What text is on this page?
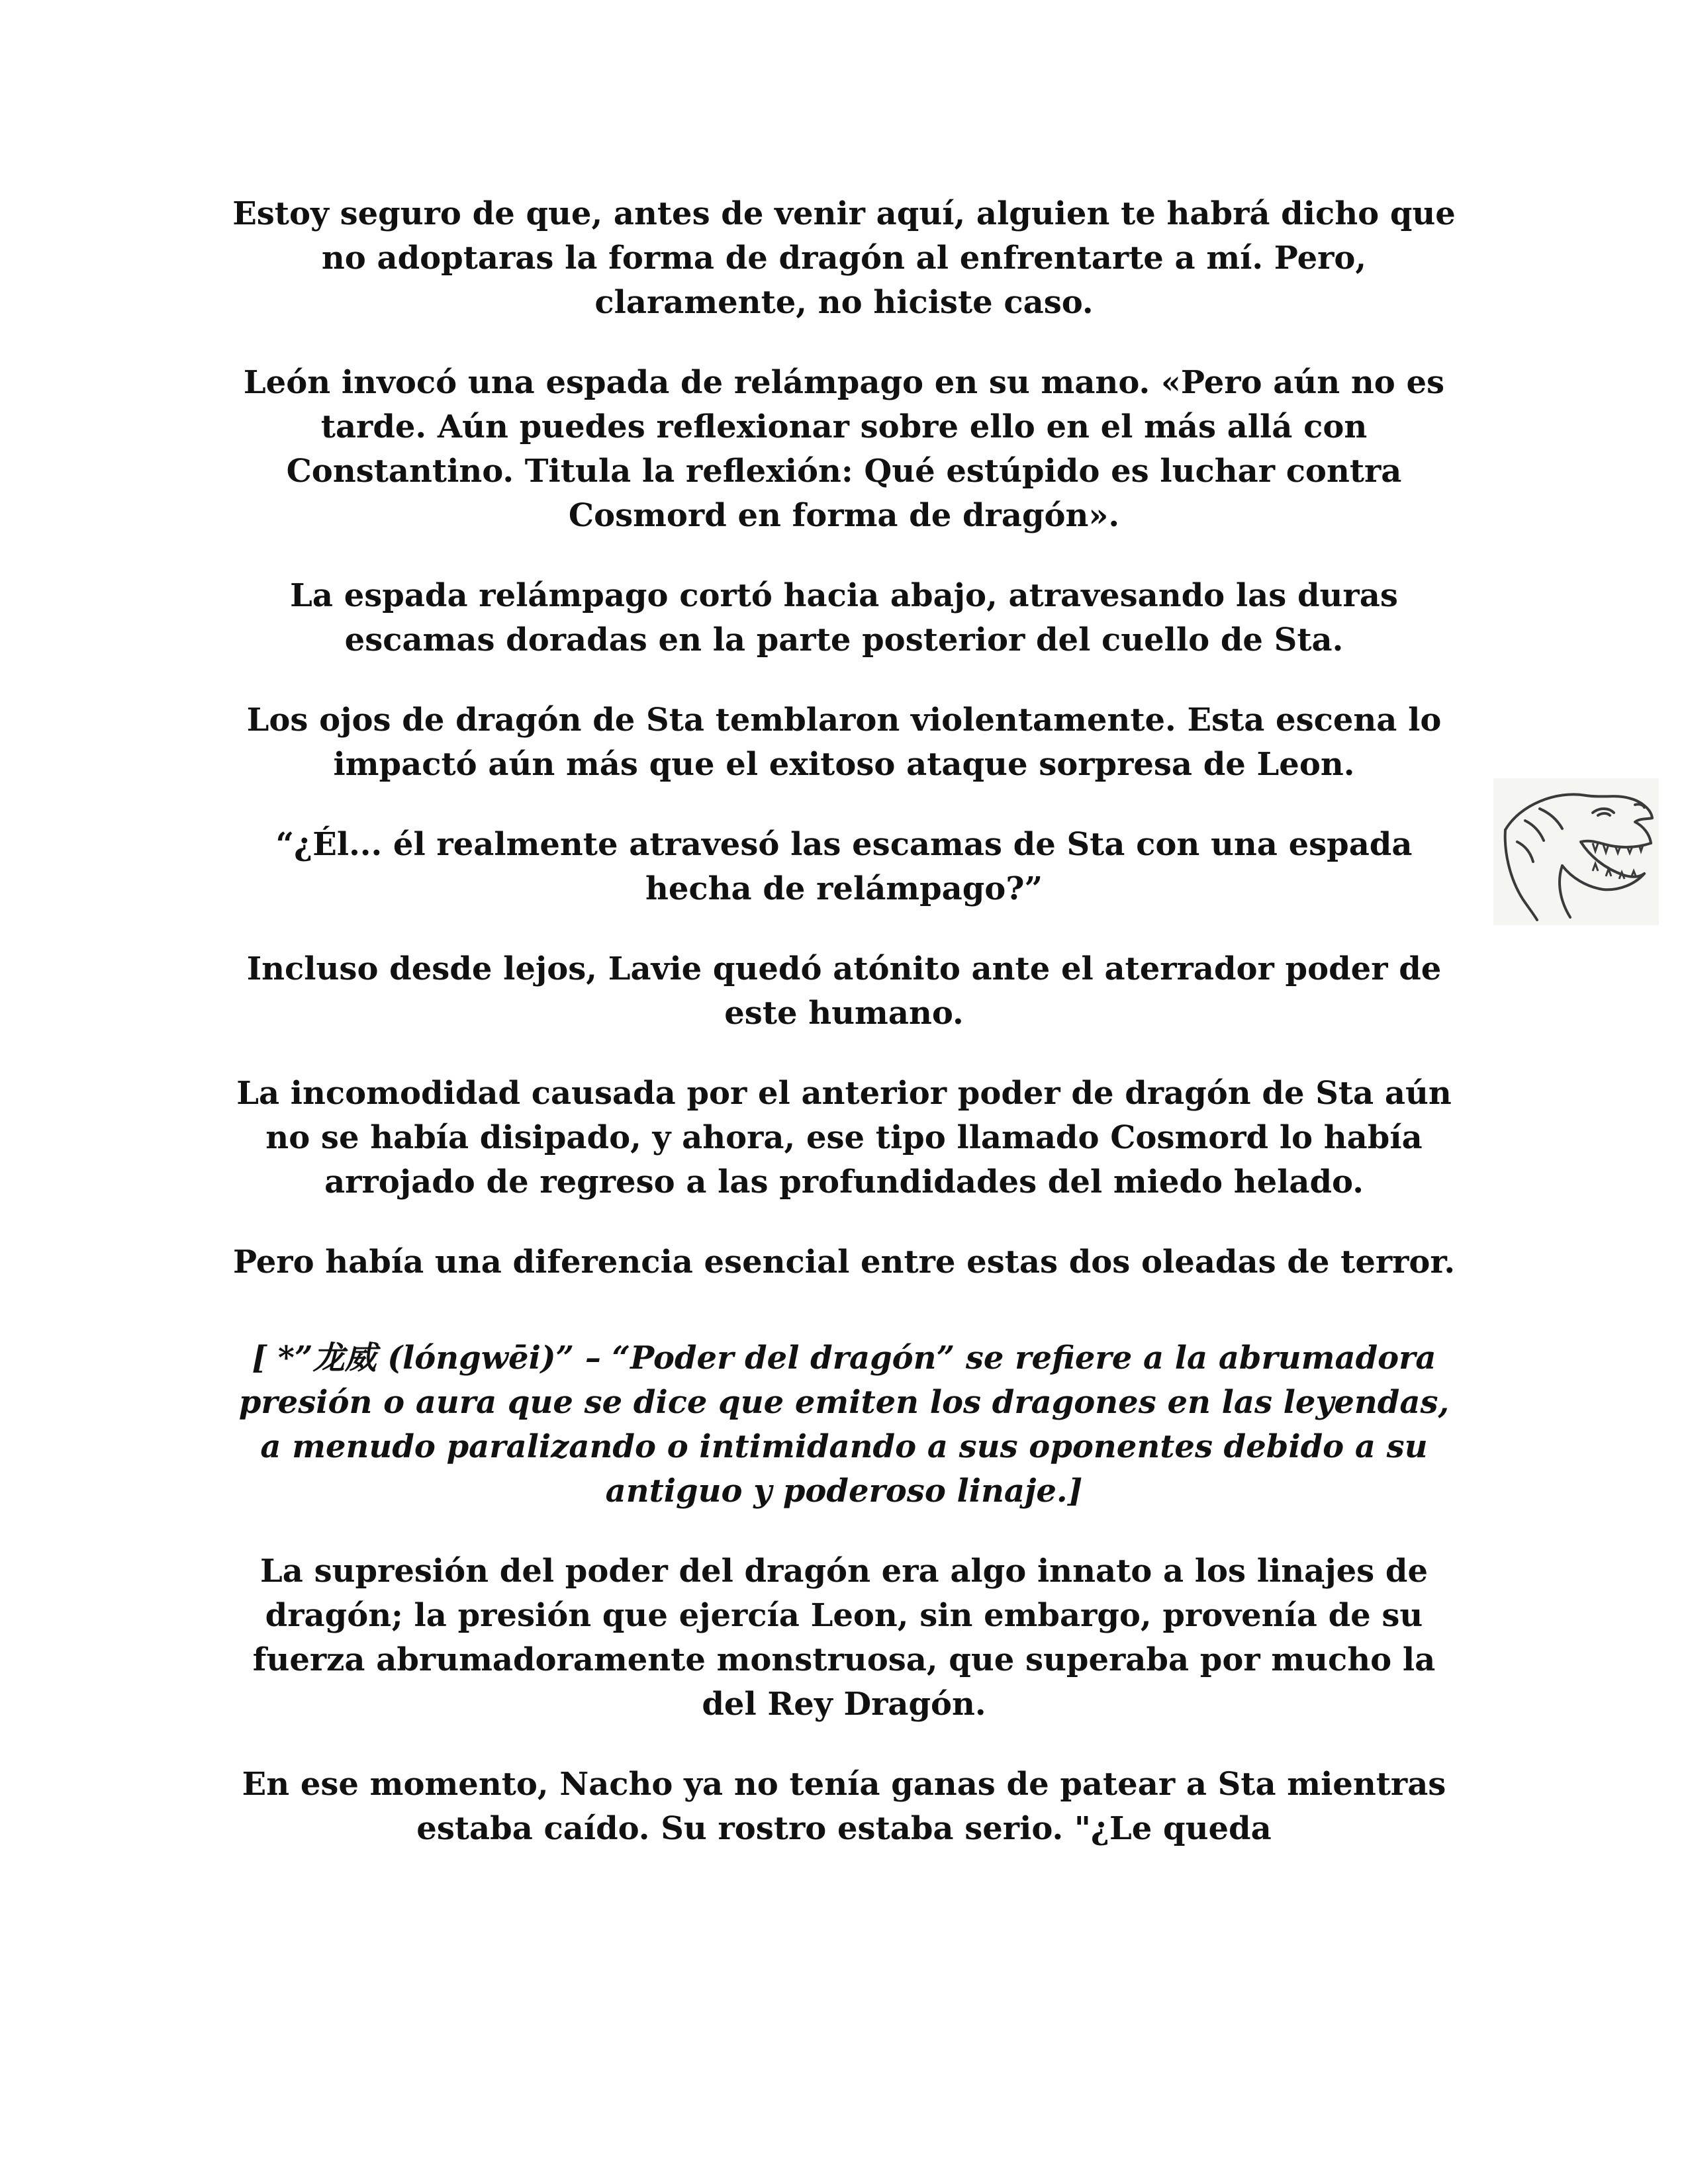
Estoy seguro de que, antes de venir aquí, alguien te habrá dicho que no adoptaras la forma de dragón al enfrentarte a mí. Pero, claramente, no hiciste caso.

León invocó una espada de relámpago en su mano. «Pero aún no es tarde. Aún puedes reflexionar sobre ello en el más allá con Constantino. Titula la reflexión: Qué estúpido es luchar contra Cosmord en forma de dragón».

La espada relámpago cortó hacia abajo, atravesando las duras escamas doradas en la parte posterior del cuello de Sta.

Los ojos de dragón de Sta temblaron violentamente. Esta escena lo impactó aún más que el exitoso ataque sorpresa de Leon.

“¿Él... él realmente atravesó las escamas de Sta con una espada hecha de relámpago?”

Incluso desde lejos, Lavie quedó atónito ante el aterrador poder de este humano.

La incomodidad causada por el anterior poder de dragón de Sta aún no se había disipado, y ahora, ese tipo llamado Cosmord lo había arrojado de regreso a las profundidades del miedo helado.

Pero había una diferencia esencial entre estas dos oleadas de terror.

[ *”龙威 (lóngwēi)” – “Poder del dragón” se refiere a la abrumadora presión o aura que se dice que emiten los dragones en las leyendas, a menudo paralizando o intimidando a sus oponentes debido a su antiguo y poderoso linaje.]

La supresión del poder del dragón era algo innato a los linajes de dragón; la presión que ejercía Leon, sin embargo, provenía de su fuerza abrumadoramente monstruosa, que superaba por mucho la del Rey Dragón.

En ese momento, Nacho ya no tenía ganas de patear a Sta mientras estaba caído. Su rostro estaba serio. "¿Le queda
